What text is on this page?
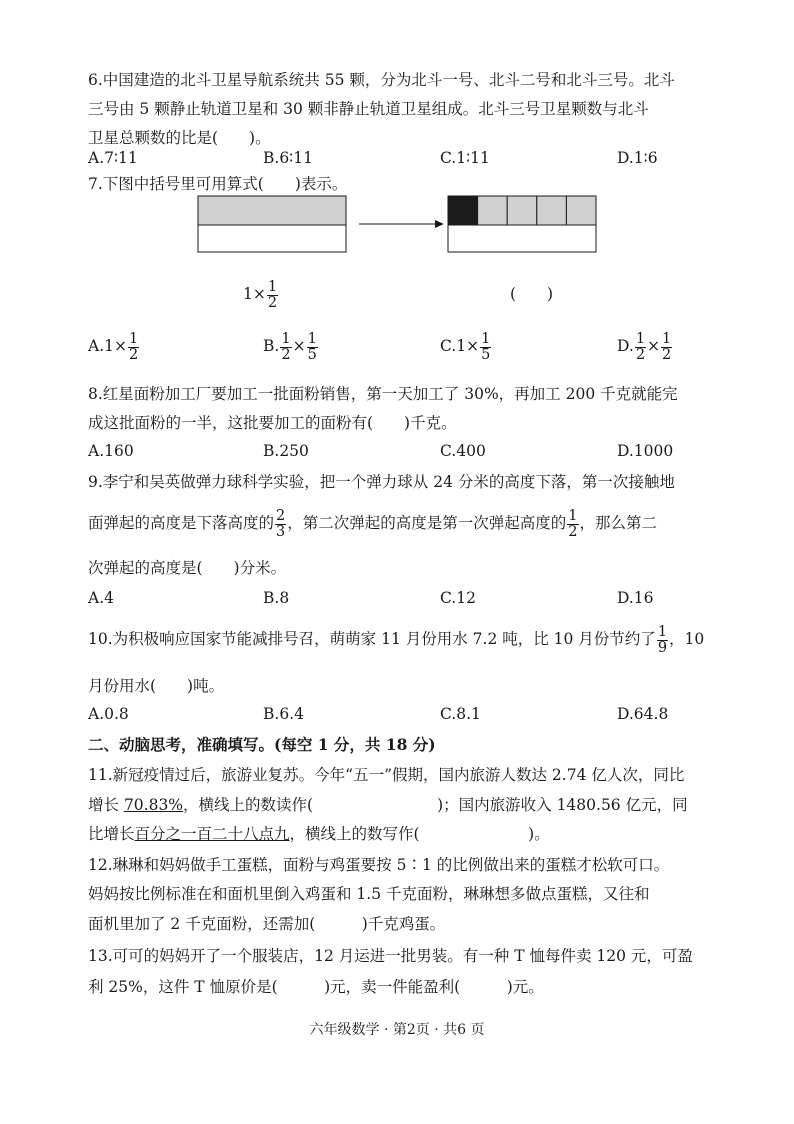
6.中国建造的北斗卫星导航系统共 55 颗，分为北斗一号、北斗二号和北斗三号。北斗
三号由 5 颗静止轨道卫星和 30 颗非静止轨道卫星组成。北斗三号卫星颗数与北斗
卫星总颗数的比是(　　)。
A.7∶11	B.6∶11	C.1∶11	D.1∶6
7.下图中括号里可用算式(　　)表示。
$1\times \frac{1}{2}$	(　　)
$A.1\times \frac{1}{2}$	B. $\frac{1}{2} \times \frac{1}{5}$	$C.1\times \frac{1}{5}$	D. $\frac{1}{2} \times \frac{1}{2}$
8.红星面粉加工厂要加工一批面粉销售，第一天加工了 30%，再加工 200 千克就能完
成这批面粉的一半，这批要加工的面粉有(　　)千克。
A.160	B.250	C.400	D.1000
9.李宁和吴英做弹力球科学实验，把一个弹力球从 24 分米的高度下落，第一次接触地
面弹起的高度是下落高度的 $\frac{2}{3}$ ，第二次弹起的高度是第一次弹起高度的 $\frac{1}{2}$ ，那么第二
次弹起的高度是(　　)分米。
A.4	B.8	C.12	D.16
10.为积极响应国家节能减排号召，萌萌家 11 月份用水 7.2 吨，比 10 月份节约了 $\frac{1}{9}$ ，10
月份用水(　　)吨。
A.0.8	B.6.4	C.8.1	D.64.8
二、动脑思考，准确填写。(每空 1 分，共 18 分)
11.新冠疫情过后，旅游业复苏。今年“五一”假期，国内旅游人数达 2.74 亿人次，同比
增长 70.83%，横线上的数读作(　　　　　　　　)；国内旅游收入 1480.56 亿元，同
比增长百分之一百二十八点九，横线上的数写作(　　　　　　　)。
12.琳琳和妈妈做手工蛋糕，面粉与鸡蛋要按 5∶1 的比例做出来的蛋糕才松软可口。
妈妈按比例标准在和面机里倒入鸡蛋和 1.5 千克面粉，琳琳想多做点蛋糕，又往和
面机里加了 2 千克面粉，还需加(　　　)千克鸡蛋。
13.可可的妈妈开了一个服装店，12 月运进一批男装。有一种 T 恤每件卖 120 元，可盈
利 25%，这件 T 恤原价是(　　　)元，卖一件能盈利(　　　)元。
六年级数学 · 第2页 · 共6 页
